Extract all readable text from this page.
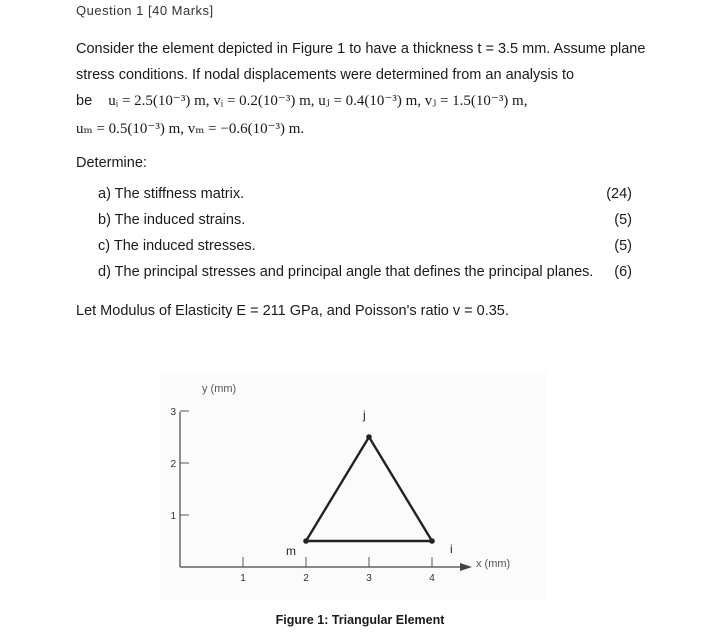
Question 1 [40 Marks]
Consider the element depicted in Figure 1 to have a thickness t = 3.5 mm. Assume plane stress conditions. If nodal displacements were determined from an analysis to
be uᵢ = 2.5(10⁻³) m, vᵢ = 0.2(10⁻³) m, uⱼ = 0.4(10⁻³) m, vⱼ = 1.5(10⁻³) m,
uₘ = 0.5(10⁻³) m, vₘ = −0.6(10⁻³) m.
Determine:
a) The stiffness matrix.	(24)
b) The induced strains.	(5)
c) The induced stresses.	(5)
d) The principal stresses and principal angle that defines the principal planes. (6)
Let Modulus of Elasticity E = 211 GPa, and Poisson's ratio v = 0.35.
y (mm)
x (mm)
1	2	3	4
1
2
3
m	i
j
Figure 1: Triangular Element
